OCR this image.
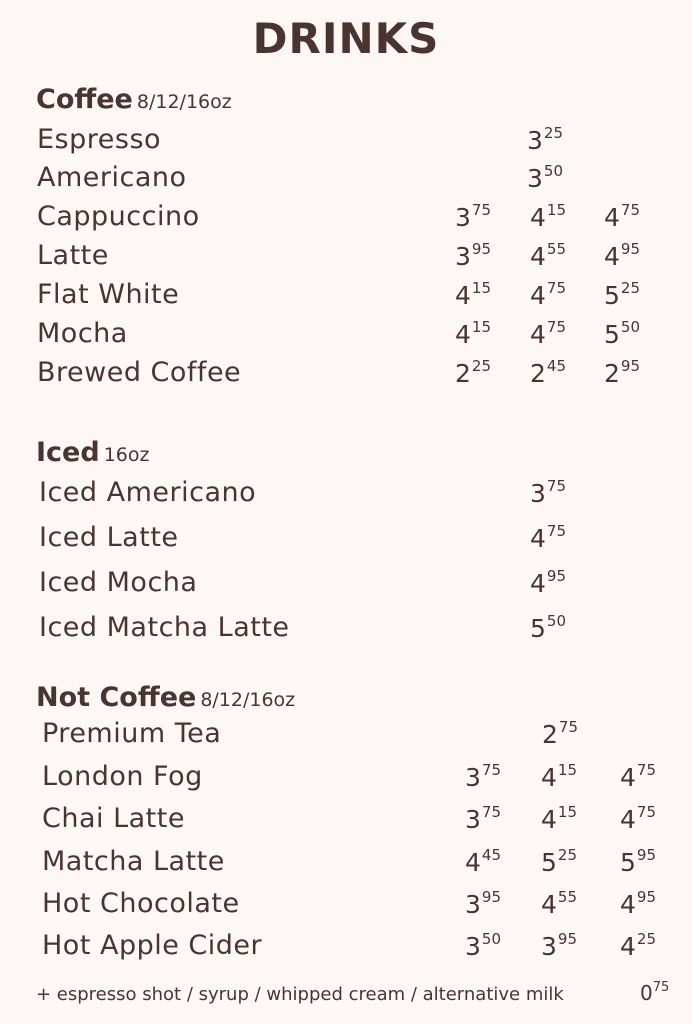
DRINKS
Coffee 8/12/16oz
Espresso	$3^{25}$
Americano	$3^{50}$
Cappuccino	$3^{75}$ $4^{15}$ $4^{75}$
Latte	$3^{95}$ $4^{55}$ $4^{95}$
Flat White	$4^{15}$ $4^{75}$ $5^{25}$
Mocha	$4^{15}$ $4^{75}$ $5^{50}$
Brewed Coffee	$2^{25}$ $2^{45}$ $2^{95}$
Iced 16oz
Iced Americano	$3^{75}$
Iced Latte	$4^{75}$
Iced Mocha	$4^{95}$
Iced Matcha Latte	$5^{50}$
Not Coffee 8/12/16oz
Premium Tea	$2^{75}$
London Fog	$3^{75}$ $4^{15}$ $4^{75}$
Chai Latte	$3^{75}$ $4^{15}$ $4^{75}$
Matcha Latte	$4^{45}$ $5^{25}$ $5^{95}$
Hot Chocolate	$3^{95}$ $4^{55}$ $4^{95}$
Hot Apple Cider	$3^{50}$ $3^{95}$ $4^{25}$
+ espresso shot / syrup / whipped cream / alternative milk	$0^{75}$
